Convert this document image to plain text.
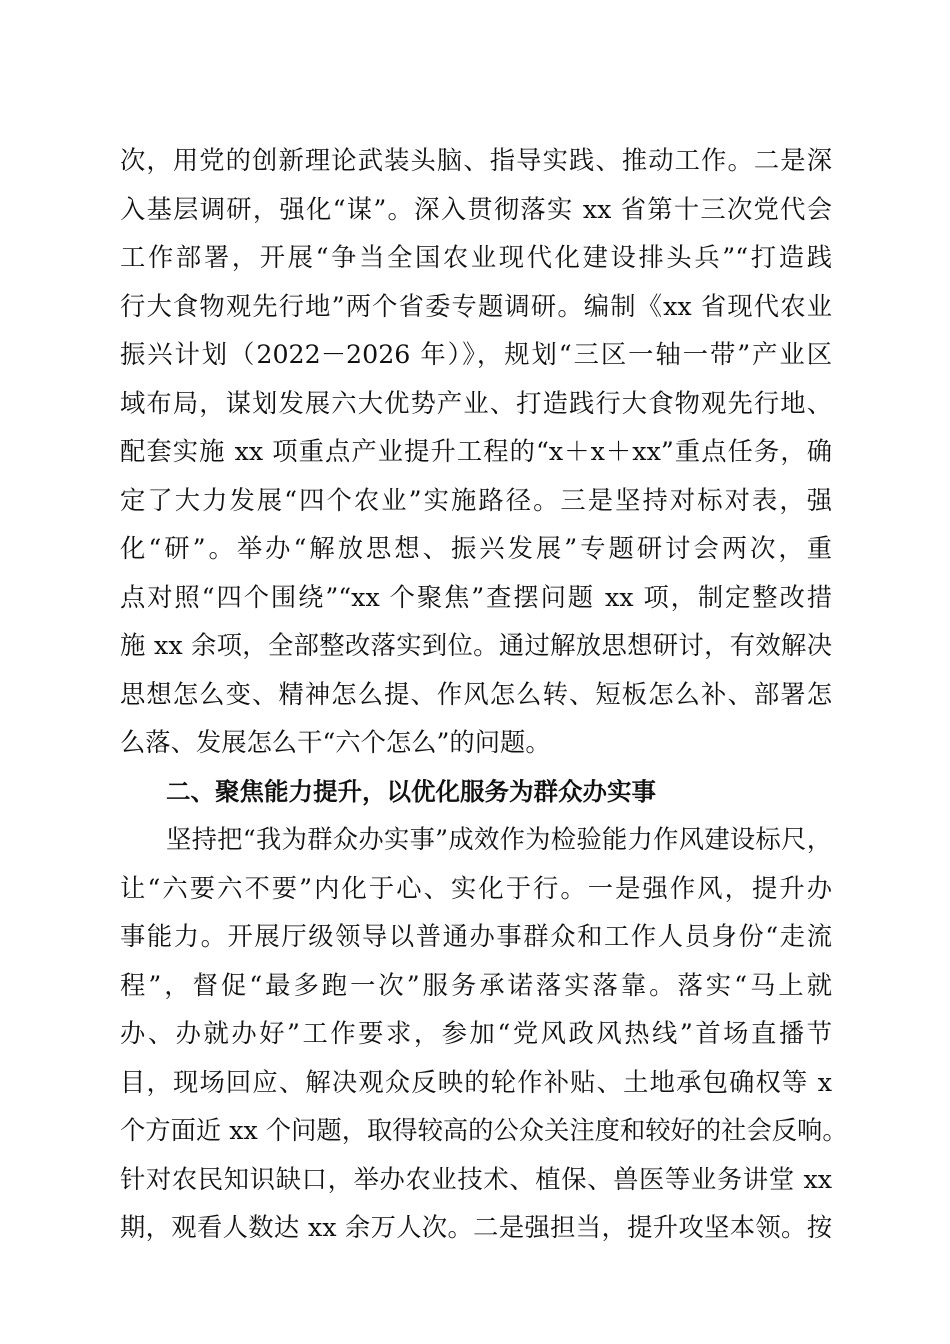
次，用党的创新理论武装头脑、指导实践、推动工作。二是深
入基层调研，强化“谋”。深入贯彻落实 xx 省第十三次党代会
工作部署，开展“争当全国农业现代化建设排头兵”“打造践
行大食物观先行地”两个省委专题调研。编制《xx 省现代农业
振兴计划（2022－2026 年）》，规划“三区一轴一带”产业区
域布局，谋划发展六大优势产业、打造践行大食物观先行地、
配套实施 xx 项重点产业提升工程的“x＋x＋xx”重点任务，确
定了大力发展“四个农业”实施路径。三是坚持对标对表，强
化“研”。举办“解放思想、振兴发展”专题研讨会两次，重
点对照“四个围绕”“xx 个聚焦”查摆问题 xx 项，制定整改措
施 xx 余项，全部整改落实到位。通过解放思想研讨，有效解决
思想怎么变、精神怎么提、作风怎么转、短板怎么补、部署怎
么落、发展怎么干“六个怎么”的问题。
二、聚焦能力提升，以优化服务为群众办实事
坚持把“我为群众办实事”成效作为检验能力作风建设标尺，
让“六要六不要”内化于心、实化于行。一是强作风，提升办
事能力。开展厅级领导以普通办事群众和工作人员身份“走流
程”，督促“最多跑一次”服务承诺落实落靠。落实“马上就
办、办就办好”工作要求，参加“党风政风热线”首场直播节
目，现场回应、解决观众反映的轮作补贴、土地承包确权等 x
个方面近 xx 个问题，取得较高的公众关注度和较好的社会反响。
针对农民知识缺口，举办农业技术、植保、兽医等业务讲堂 xx
期，观看人数达 xx 余万人次。二是强担当，提升攻坚本领。按
